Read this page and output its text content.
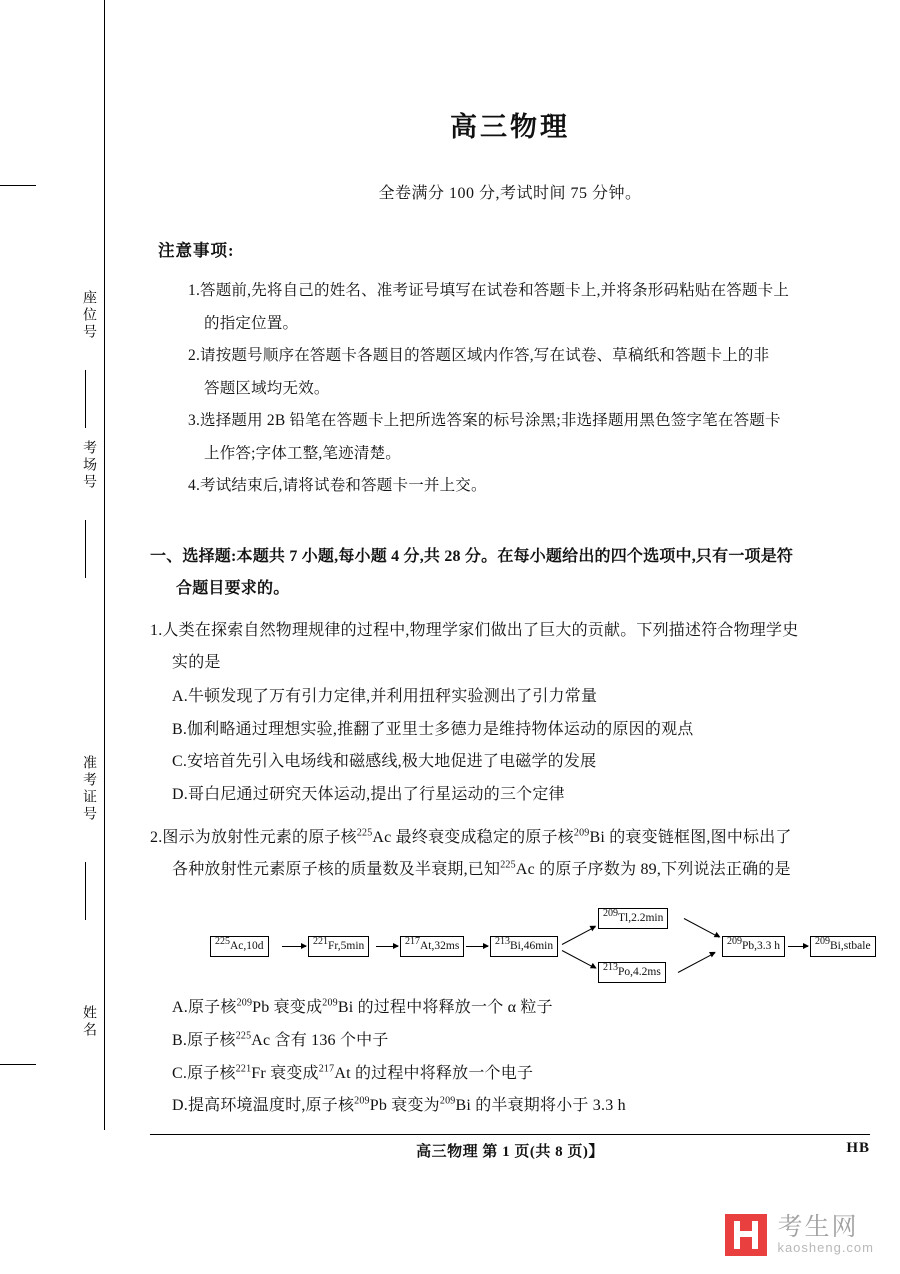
座位号
考场号
准考证号
姓名
高三物理
全卷满分 100 分,考试时间 75 分钟。
注意事项:
1.答题前,先将自己的姓名、准考证号填写在试卷和答题卡上,并将条形码粘贴在答题卡上
的指定位置。
2.请按题号顺序在答题卡各题目的答题区域内作答,写在试卷、草稿纸和答题卡上的非
答题区域均无效。
3.选择题用 2B 铅笔在答题卡上把所选答案的标号涂黑;非选择题用黑色签字笔在答题卡
上作答;字体工整,笔迹清楚。
4.考试结束后,请将试卷和答题卡一并上交。
一、选择题:本题共 7 小题,每小题 4 分,共 28 分。在每小题给出的四个选项中,只有一项是符
合题目要求的。
1.人类在探索自然物理规律的过程中,物理学家们做出了巨大的贡献。下列描述符合物理学史
实的是
A.牛顿发现了万有引力定律,并利用扭秤实验测出了引力常量
B.伽利略通过理想实验,推翻了亚里士多德力是维持物体运动的原因的观点
C.安培首先引入电场线和磁感线,极大地促进了电磁学的发展
D.哥白尼通过研究天体运动,提出了行星运动的三个定律
2.图示为放射性元素的原子核$^{225}$Ac 最终衰变成稳定的原子核$^{209}$Bi 的衰变链框图,图中标出了
各种放射性元素原子核的质量数及半衰期,已知$^{225}$Ac 的原子序数为 89,下列说法正确的是
$^{225}$Ac,10d	$^{221}$Fr,5min	$^{217}$At,32ms	$^{213}$Bi,46min
$^{209}$Tl,2.2min
$^{213}$Po,4.2ms
$^{209}$Pb,3.3 h	$^{209}$Bi,stbale
A.原子核$^{209}$Pb 衰变成$^{209}$Bi 的过程中将释放一个 α 粒子
B.原子核$^{225}$Ac 含有 136 个中子
C.原子核$^{221}$Fr 衰变成$^{217}$At 的过程中将释放一个电子
D.提高环境温度时,原子核$^{209}$Pb 衰变为$^{209}$Bi 的半衰期将小于 3.3 h
高三物理 第 1 页(共 8 页)】	HB
考生网
kaosheng.com
